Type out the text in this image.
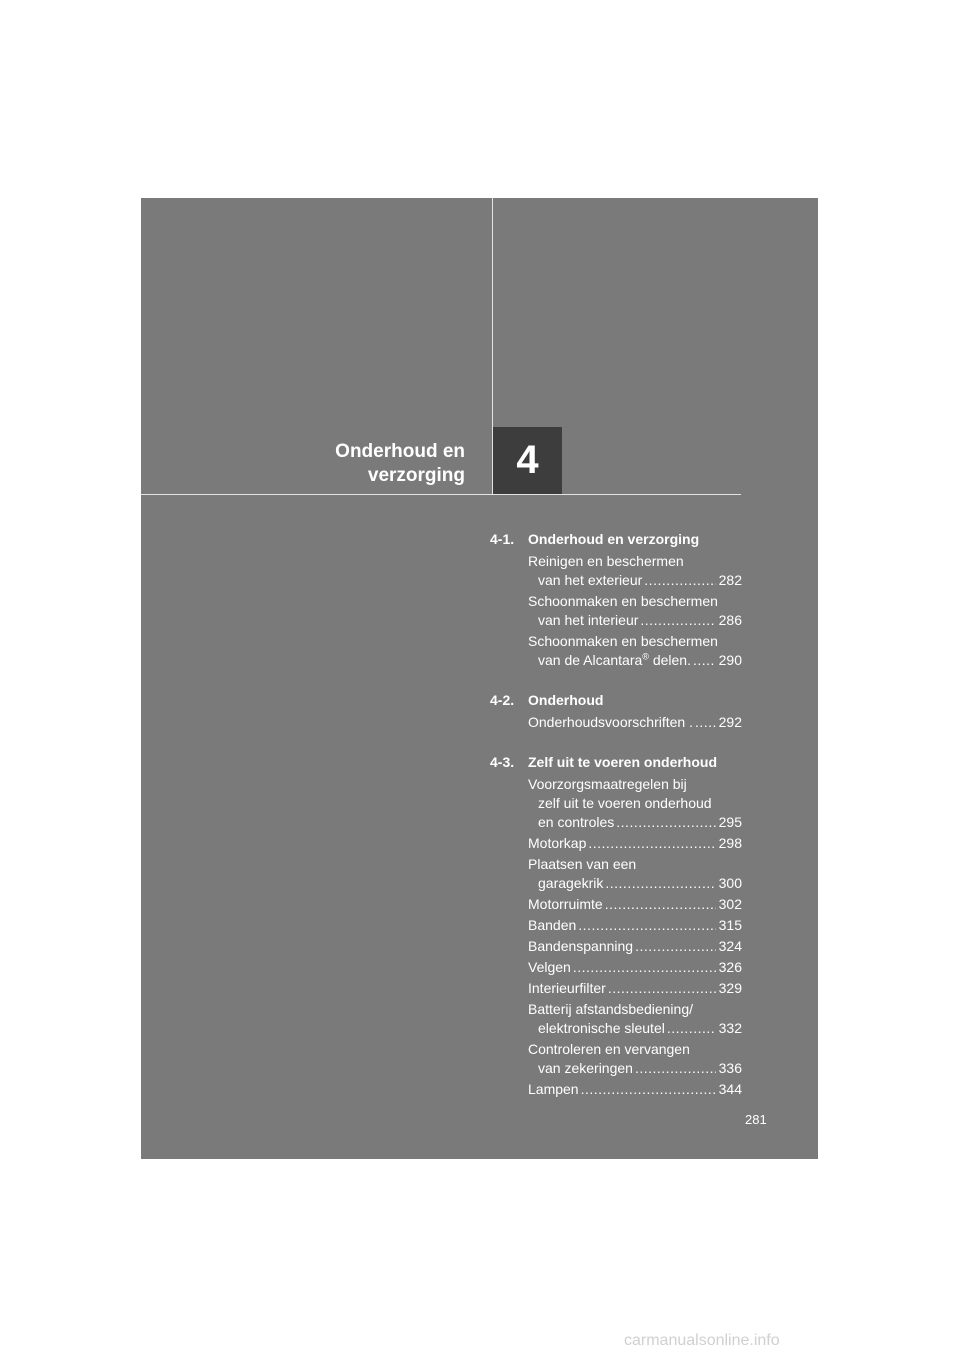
Onderhoud en
verzorging 4
4-1. Onderhoud en verzorging
Reinigen en beschermen
van het exterieur .....	282
Schoonmaken en beschermen
van het interieur .....	286
Schoonmaken en beschermen
van de Alcantara® delen. ..... 290
4-2. Onderhoud
Onderhoudsvoorschriften . ..... 292
4-3. Zelf uit te voeren onderhoud
Voorzorgsmaatregelen bij
zelf uit te voeren onderhoud
en controles .....	295
Motorkap .....	298
Plaatsen van een
garagekrik .....	300
Motorruimte .....	302
Banden .....	315
Bandenspanning .....	324
Velgen .....	326
Interieurfilter .....	329
Batterij afstandsbediening/
elektronische sleutel .....	332
Controleren en vervangen
van zekeringen .....	336
Lampen .....	344
281
carmanualsonline.info
